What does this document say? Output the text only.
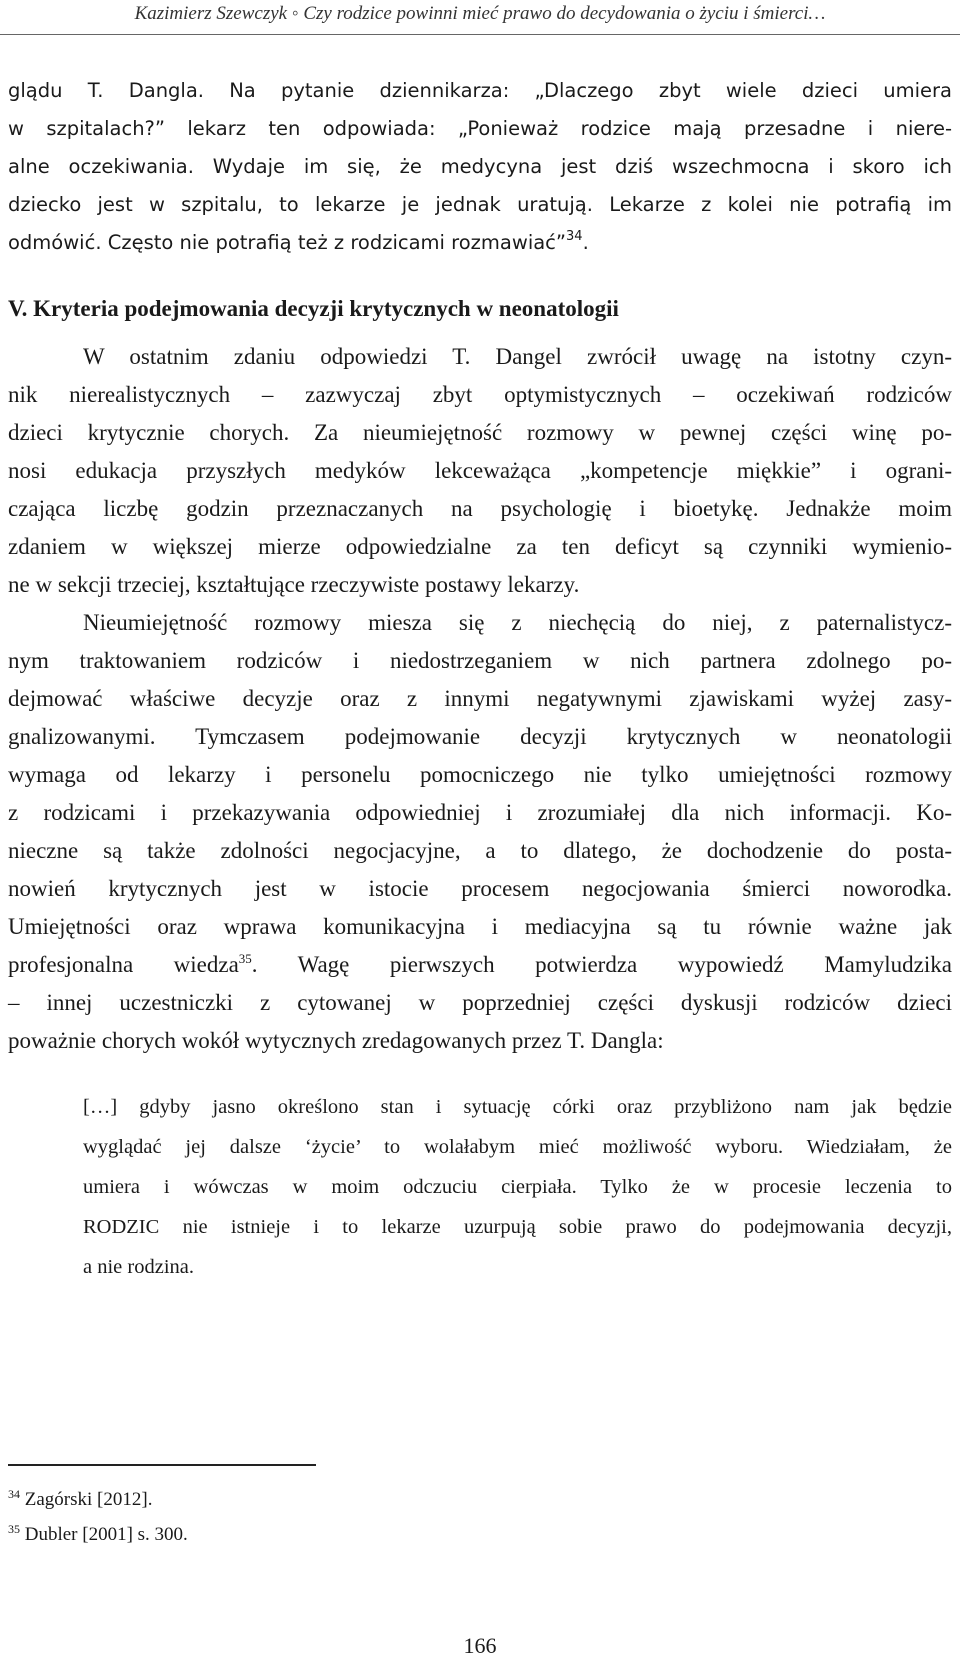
Kazimierz Szewczyk ◦ Czy rodzice powinni mieć prawo do decydowania o życiu i śmierci…
glądu T. Dangla. Na pytanie dziennikarza: „Dlaczego zbyt wiele dzieci umiera
w szpitalach?” lekarz ten odpowiada: „Ponieważ rodzice mają przesadne i niere-
alne oczekiwania. Wydaje im się, że medycyna jest dziś wszechmocna i skoro ich
dziecko jest w szpitalu, to lekarze je jednak uratują. Lekarze z kolei nie potrafią im
odmówić. Często nie potrafią też z rodzicami rozmawiać”$^{34}$.
V. Kryteria podejmowania decyzji krytycznych w neonatologii
W ostatnim zdaniu odpowiedzi T. Dangel zwrócił uwagę na istotny czyn-
nik nierealistycznych – zazwyczaj zbyt optymistycznych – oczekiwań rodziców
dzieci krytycznie chorych. Za nieumiejętność rozmowy w pewnej części winę po-
nosi edukacja przyszłych medyków lekceważąca „kompetencje miękkie” i ograni-
czająca liczbę godzin przeznaczanych na psychologię i bioetykę. Jednakże moim
zdaniem w większej mierze odpowiedzialne za ten deficyt są czynniki wymienio-
ne w sekcji trzeciej, kształtujące rzeczywiste postawy lekarzy.
Nieumiejętność rozmowy miesza się z niechęcią do niej, z paternalistycz-
nym traktowaniem rodziców i niedostrzeganiem w nich partnera zdolnego po-
dejmować właściwe decyzje oraz z innymi negatywnymi zjawiskami wyżej zasy-
gnalizowanymi. Tymczasem podejmowanie decyzji krytycznych w neonatologii
wymaga od lekarzy i personelu pomocniczego nie tylko umiejętności rozmowy
z rodzicami i przekazywania odpowiedniej i zrozumiałej dla nich informacji. Ko-
nieczne są także zdolności negocjacyjne, a to dlatego, że dochodzenie do posta-
nowień krytycznych jest w istocie procesem negocjowania śmierci noworodka.
Umiejętności oraz wprawa komunikacyjna i mediacyjna są tu równie ważne jak
profesjonalna wiedza$^{35}$. Wagę pierwszych potwierdza wypowiedź Mamyludzika
– innej uczestniczki z cytowanej w poprzedniej części dyskusji rodziców dzieci
poważnie chorych wokół wytycznych zredagowanych przez T. Dangla:
[…] gdyby jasno określono stan i sytuację córki oraz przybliżono nam jak będzie
wyglądać jej dalsze ‘życie’ to wolałabym mieć możliwość wyboru. Wiedziałam, że
umiera i wówczas w moim odczuciu cierpiała. Tylko że w procesie leczenia to
RODZIC nie istnieje i to lekarze uzurpują sobie prawo do podejmowania decyzji,
a nie rodzina.
$^{34}$ Zagórski [2012].
$^{35}$ Dubler [2001] s. 300.
166
